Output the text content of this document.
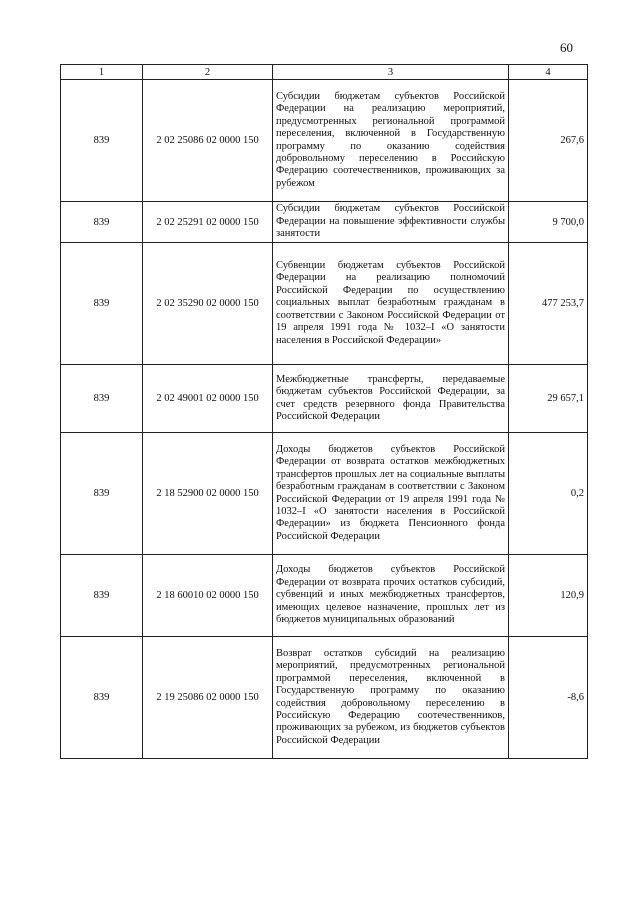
60
1	2	3	4
839	2 02 25086 02 0000 150	Субсидии бюджетам субъектов Российской Федерации на реализацию мероприятий, предусмотренных региональной программой переселения, включенной в Государственную программу по оказанию содействия добровольному переселению в Российскую Федерацию соотечественников, проживающих за рубежом	267,6
839	2 02 25291 02 0000 150	Субсидии бюджетам субъектов Российской Федерации на повышение эффективности службы занятости	9 700,0
839	2 02 35290 02 0000 150	Субвенции бюджетам субъектов Российской Федерации на реализацию полномочий Российской Федерации по осуществлению социальных выплат безработным гражданам в соответствии с Законом Российской Федерации от 19 апреля 1991 года № 1032–I «О занятости населения в Российской Федерации»	477 253,7
839	2 02 49001 02 0000 150	Межбюджетные трансферты, передаваемые бюджетам субъектов Российской Федерации, за счет средств резервного фонда Правительства Российской Федерации	29 657,1
839	2 18 52900 02 0000 150	Доходы бюджетов субъектов Российской Федерации от возврата остатков межбюджетных трансфертов прошлых лет на социальные выплаты безработным гражданам в соответствии с Законом Российской Федерации от 19 апреля 1991 года № 1032–I «О занятости населения в Российской Федерации» из бюджета Пенсионного фонда Российской Федерации	0,2
839	2 18 60010 02 0000 150	Доходы бюджетов субъектов Российской Федерации от возврата прочих остатков субсидий, субвенций и иных межбюджетных трансфертов, имеющих целевое назначение, прошлых лет из бюджетов муниципальных образований	120,9
839	2 19 25086 02 0000 150	Возврат остатков субсидий на реализацию мероприятий, предусмотренных региональной программой переселения, включенной в Государственную программу по оказанию содействия добровольному переселению в Российскую Федерацию соотечественников, проживающих за рубежом, из бюджетов субъектов Российской Федерации	-8,6
